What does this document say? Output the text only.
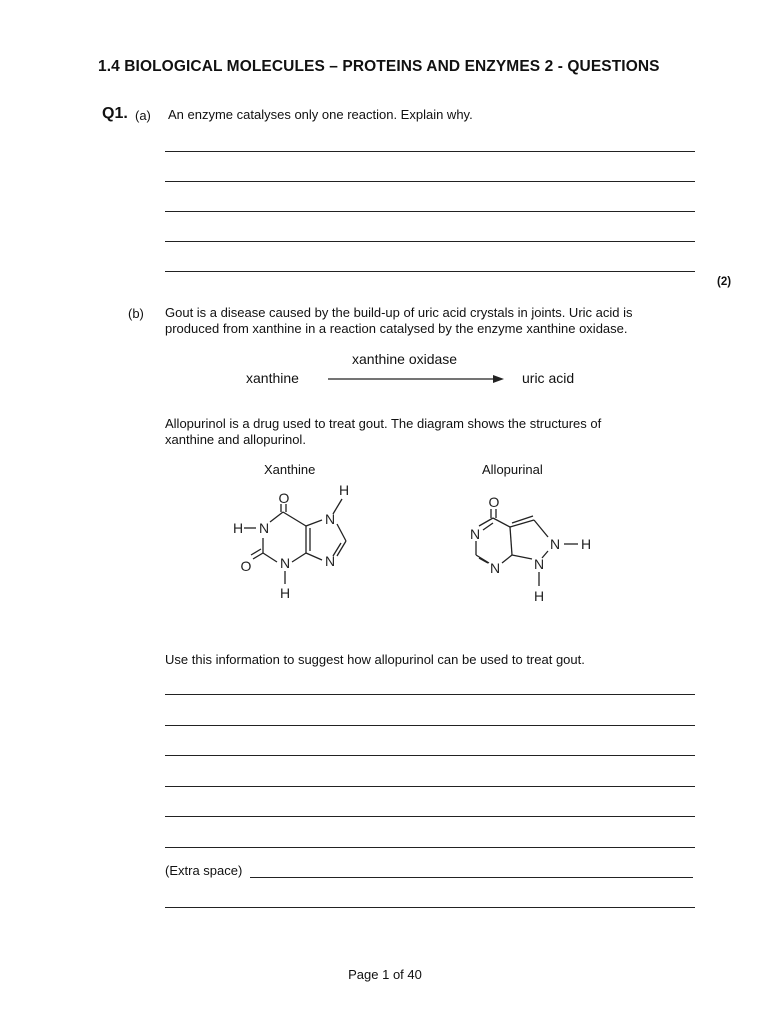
1.4 BIOLOGICAL MOLECULES – PROTEINS AND ENZYMES 2 - QUESTIONS
Q1. (a) An enzyme catalyses only one reaction. Explain why.
(2)
(b) Gout is a disease caused by the build-up of uric acid crystals in joints. Uric acid is
produced from xanthine in a reaction catalysed by the enzyme xanthine oxidase.
xanthine oxidase
xanthine	uric acid
Allopurinol is a drug used to treat gout. The diagram shows the structures of
xanthine and allopurinol.
Xanthine	Allopurinal
O	H
N
H N
O N N
H
O
N
N
N H
N
H
Use this information to suggest how allopurinol can be used to treat gout.
(Extra space)
Page 1 of 40
